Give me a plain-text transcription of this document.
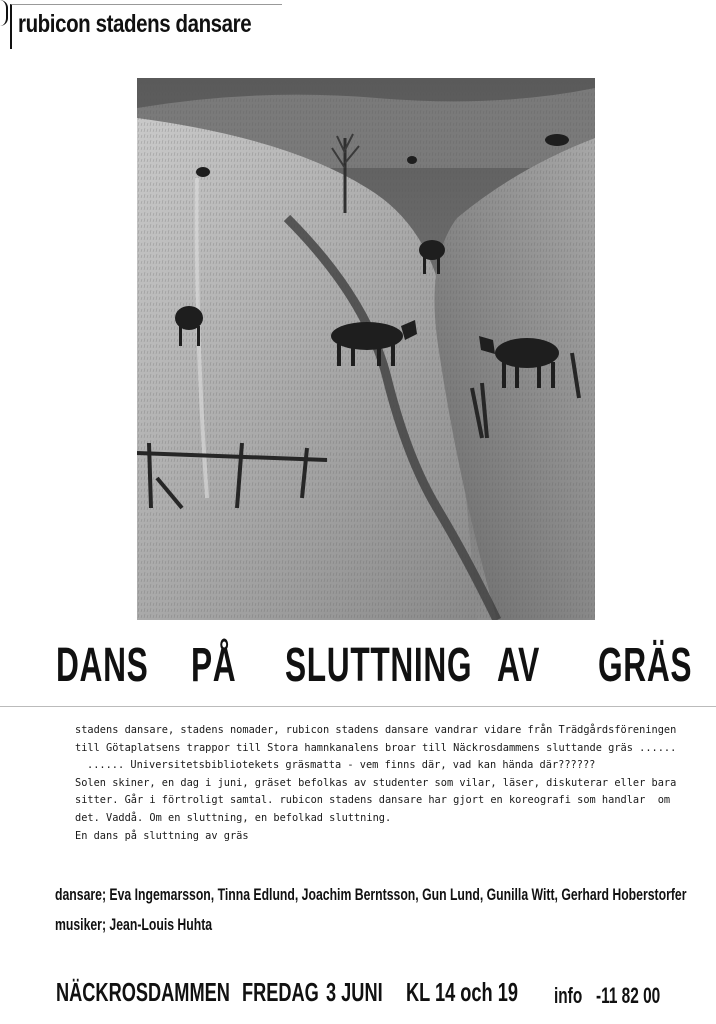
rubicon stadens dansare
DANS PÅ SLUTTNING AV GRÄS

stadens dansare, stadens nomader, rubicon stadens dansare vandrar vidare från Trädgårdsföreningen

till Götaplatsens trappor till Stora hamnkanalens broar till Näckrosdammens sluttande gräs ......

...... Universitetsbibliotekets gräsmatta - vem finns där, vad kan hända där??????

Solen skiner, en dag i juni, gräset befolkas av studenter som vilar, läser, diskuterar eller bara

sitter. Går i förtroligt samtal. rubicon stadens dansare har gjort en koreografi som handlar  om

det. Vaddå. Om en sluttning, en befolkad sluttning.

En dans på sluttning av gräs

dansare; Eva Ingemarsson, Tinna Edlund, Joachim Berntsson, Gun Lund, Gunilla Witt, Gerhard Hoberstorfer
musiker; Jean-Louis Huhta
NÄCKROSDAMMEN FREDAG 3 JUNI KL 14 och 19 info -11 82 00
